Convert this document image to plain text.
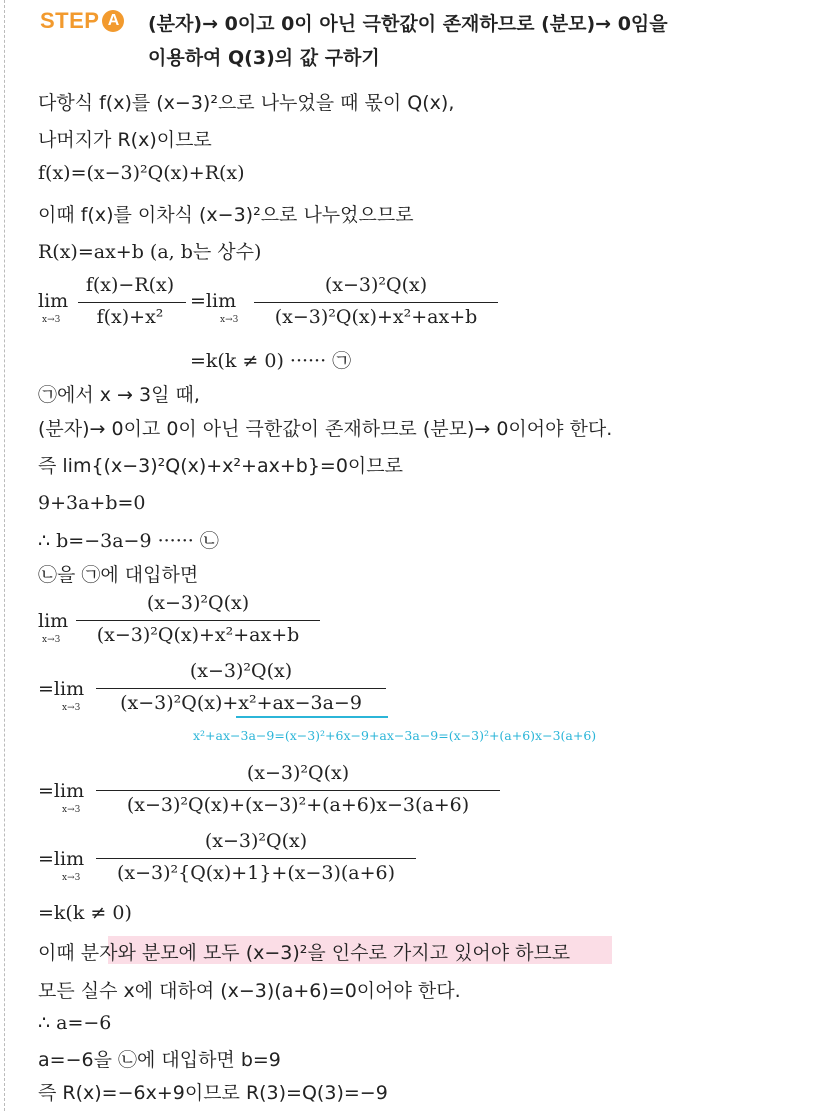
STEP A (분자)→ 0이고 0이 아닌 극한값이 존재하므로 (분모)→ 0임을
이용하여 Q(3)의 값 구하기
다항식 f(x)를 (x−3)²으로 나누었을 때 몫이 Q(x),
나머지가 R(x)이므로
f(x)=(x−3)²Q(x)+R(x)
이때 f(x)를 이차식 (x−3)²으로 나누었으므로
R(x)=ax+b (a, b는 상수)
lim
x→3
f(x)−R(x)
f(x)+x²
=lim
x→3
(x−3)²Q(x)
(x−3)²Q(x)+x²+ax+b
=k(k ≠ 0) ······ ㉠
㉠에서 x → 3일 때,
(분자)→ 0이고 0이 아닌 극한값이 존재하므로 (분모)→ 0이어야 한다.
즉 lim{(x−3)²Q(x)+x²+ax+b}=0이므로
9+3a+b=0
∴ b=−3a−9 ······ ㉡
㉡을 ㉠에 대입하면
lim
x→3
(x−3)²Q(x)
(x−3)²Q(x)+x²+ax+b
=lim
x→3
(x−3)²Q(x)
(x−3)²Q(x)+x²+ax−3a−9
x²+ax−3a−9=(x−3)²+6x−9+ax−3a−9=(x−3)²+(a+6)x−3(a+6)
=lim
x→3
(x−3)²Q(x)
(x−3)²Q(x)+(x−3)²+(a+6)x−3(a+6)
=lim
x→3
(x−3)²Q(x)
(x−3)²{Q(x)+1}+(x−3)(a+6)
=k(k ≠ 0)
이때 분자와 분모에 모두 (x−3)²을 인수로 가지고 있어야 하므로
모든 실수 x에 대하여 (x−3)(a+6)=0이어야 한다.
∴ a=−6
a=−6을 ㉡에 대입하면 b=9
즉 R(x)=−6x+9이므로 R(3)=Q(3)=−9
